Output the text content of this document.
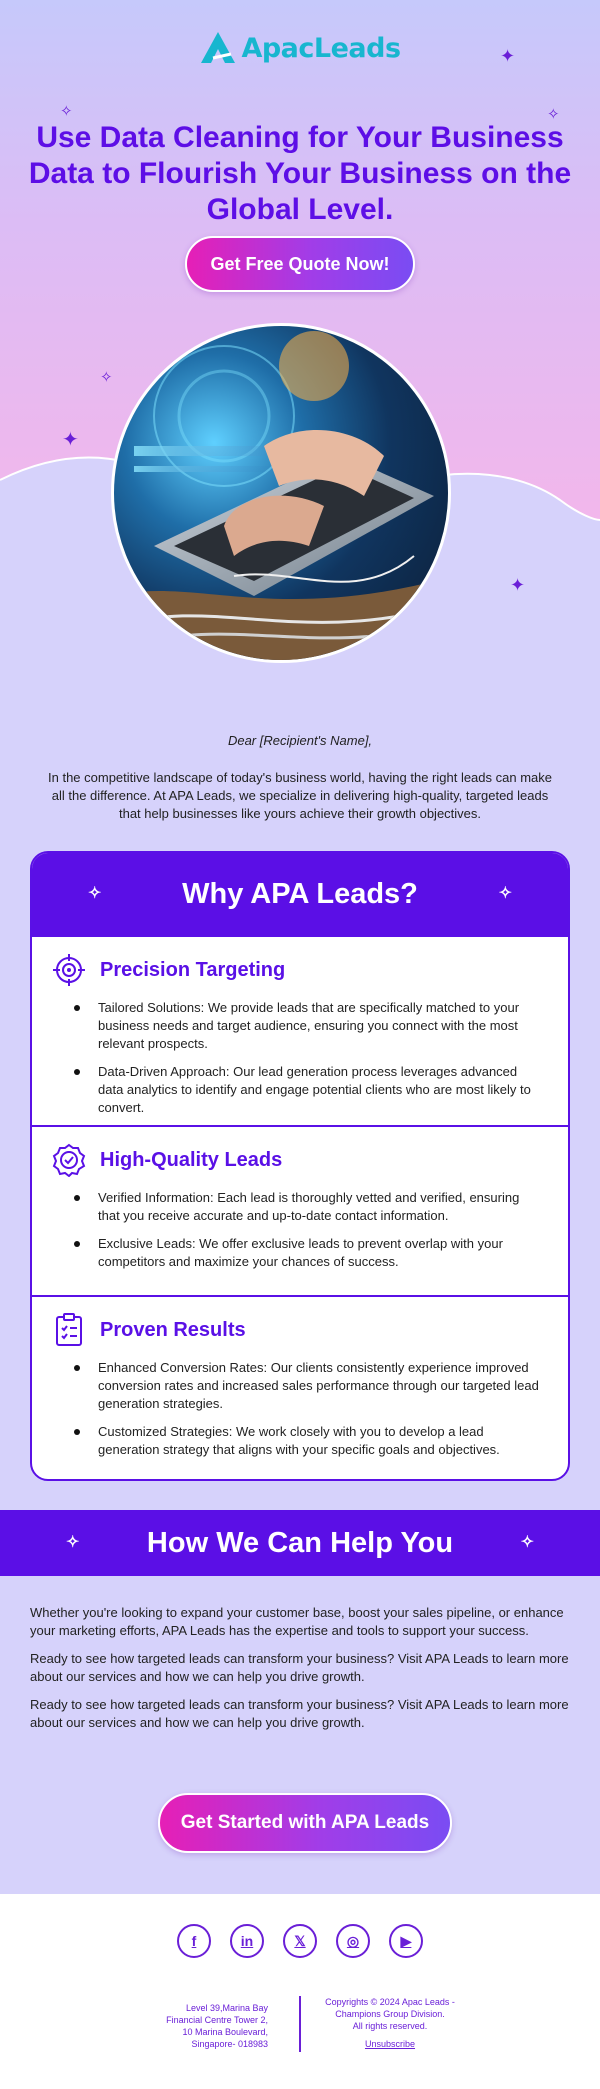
ApacLeads	✦
✧	✧
✧
✦
✦
Use Data Cleaning for Your Business Data to Flourish Your Business on the Global Level.
Get Free Quote Now!

Dear [Recipient's Name],

In the competitive landscape of today's business world, having the right leads can make all the difference. At APA Leads, we specialize in delivering high-quality, targeted leads that help businesses like yours achieve their growth objectives.

✧	Why APA Leads?	✧
Precision Targeting
Tailored Solutions: We provide leads that are specifically matched to your business needs and target audience, ensuring you connect with the most relevant prospects.
Data-Driven Approach: Our lead generation process leverages advanced data analytics to identify and engage potential clients who are most likely to convert.
High-Quality Leads
Verified Information: Each lead is thoroughly vetted and verified, ensuring that you receive accurate and up-to-date contact information.
Exclusive Leads: We offer exclusive leads to prevent overlap with your competitors and maximize your chances of success.
Proven Results
Enhanced Conversion Rates: Our clients consistently experience improved conversion rates and increased sales performance through our targeted lead generation strategies.
Customized Strategies: We work closely with you to develop a lead generation strategy that aligns with your specific goals and objectives.
✧ How We Can Help You	✧

Whether you're looking to expand your customer base, boost your sales pipeline, or enhance your marketing efforts, APA Leads has the expertise and tools to support your success.

Ready to see how targeted leads can transform your business? Visit APA Leads to learn more about our services and how we can help you drive growth.

Ready to see how targeted leads can transform your business? Visit APA Leads to learn more about our services and how we can help you drive growth.

Get Started with APA Leads
f	in	𝕏	◎	▶
Level 39,Marina Bay
Financial Centre Tower 2,
10 Marina Boulevard,
Singapore- 018983
Copyrights © 2024 Apac Leads -
Champions Group Division.
All rights reserved.
Unsubscribe
